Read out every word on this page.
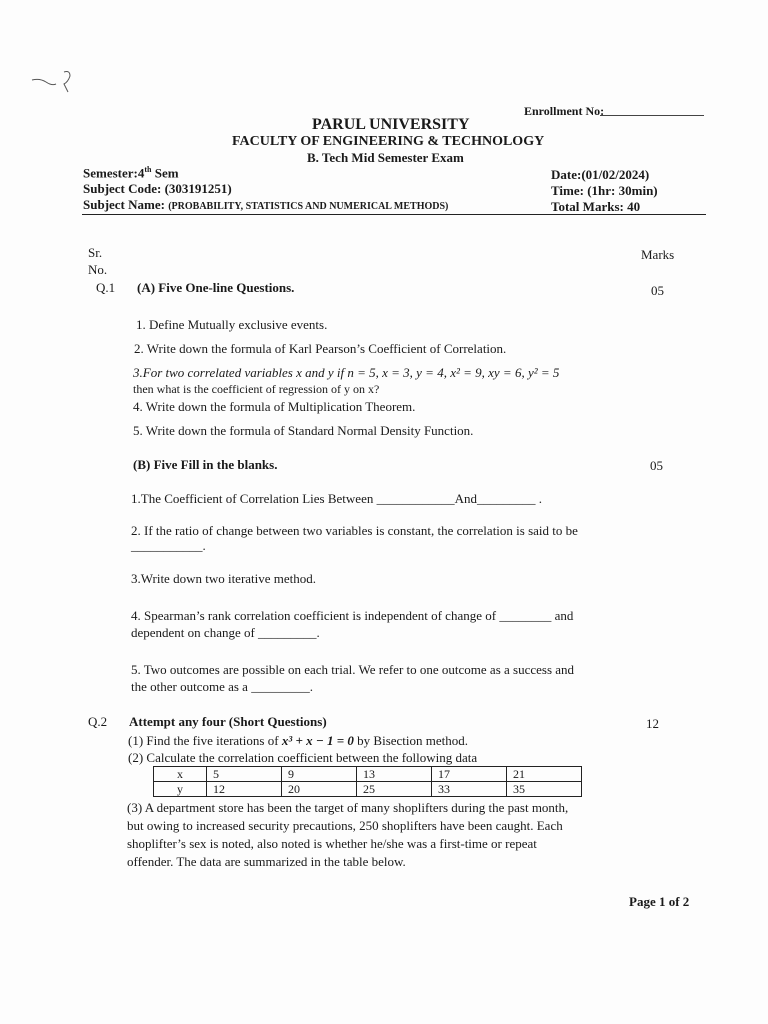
Enrollment No:
PARUL UNIVERSITY
FACULTY OF ENGINEERING & TECHNOLOGY
B. Tech Mid Semester Exam
Semester:4th Sem
Subject Code: (303191251)
Subject Name: (PROBABILITY, STATISTICS AND NUMERICAL METHODS)
Date:(01/02/2024)
Time: (1hr: 30min)
Total Marks: 40
Sr.
No.
Marks
Q.1 (A) Five One-line Questions.	05
1. Define Mutually exclusive events.
2. Write down the formula of Karl Pearson’s Coefficient of Correlation.
3.For two correlated variables x and y if n = 5, x = 3, y = 4, x² = 9, xy = 6, y² = 5
then what is the coefficient of regression of y on x?
4. Write down the formula of Multiplication Theorem.
5. Write down the formula of Standard Normal Density Function.
(B) Five Fill in the blanks.	05
1.The Coefficient of Correlation Lies Between ____________And_________ .
2. If the ratio of change between two variables is constant, the correlation is said to be
___________.
3.Write down two iterative method.
4. Spearman’s rank correlation coefficient is independent of change of ________ and
dependent on change of _________.
5. Two outcomes are possible on each trial. We refer to one outcome as a success and
the other outcome as a _________.
Q.2 Attempt any four (Short Questions)	12
(1) Find the five iterations of x³ + x − 1 = 0 by Bisection method.
(2) Calculate the correlation coefficient between the following data
x	5	9	13	17	21
y	12	20	25	33	35
(3) A department store has been the target of many shoplifters during the past month,
but owing to increased security precautions, 250 shoplifters have been caught. Each
shoplifter’s sex is noted, also noted is whether he/she was a first-time or repeat
offender. The data are summarized in the table below.
Page 1 of 2
